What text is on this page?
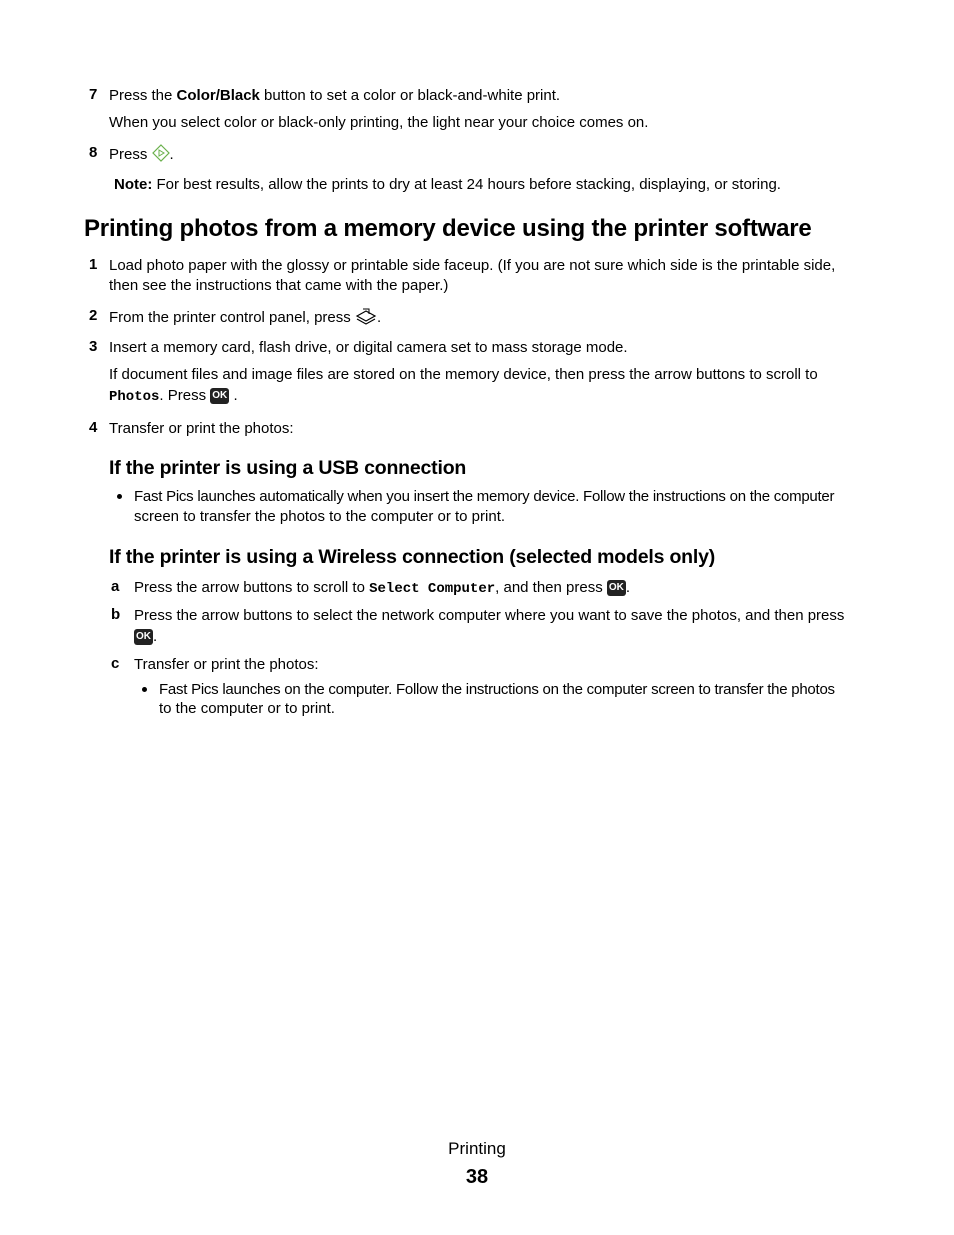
7 Press the Color/Black button to set a color or black-and-white print.
When you select color or black-only printing, the light near your choice comes on.
8 Press .
Note: For best results, allow the prints to dry at least 24 hours before stacking, displaying, or storing.
Printing photos from a memory device using the printer software
1 Load photo paper with the glossy or printable side faceup. (If you are not sure which side is the printable side,
then see the instructions that came with the paper.)
2 From the printer control panel, press .
3 Insert a memory card, flash drive, or digital camera set to mass storage mode.
If document files and image files are stored on the memory device, then press the arrow buttons to scroll to
Photos. Press OK .
4 Transfer or print the photos:
If the printer is using a USB connection
Fast Pics launches automatically when you insert the memory device. Follow the instructions on the computer
screen to transfer the photos to the computer or to print.
If the printer is using a Wireless connection (selected models only)
a Press the arrow buttons to scroll to Select Computer, and then press OK .
b Press the arrow buttons to select the network computer where you want to save the photos, and then press
OK .
c Transfer or print the photos:
Fast Pics launches on the computer. Follow the instructions on the computer screen to transfer the photos
to the computer or to print.
Printing
38
